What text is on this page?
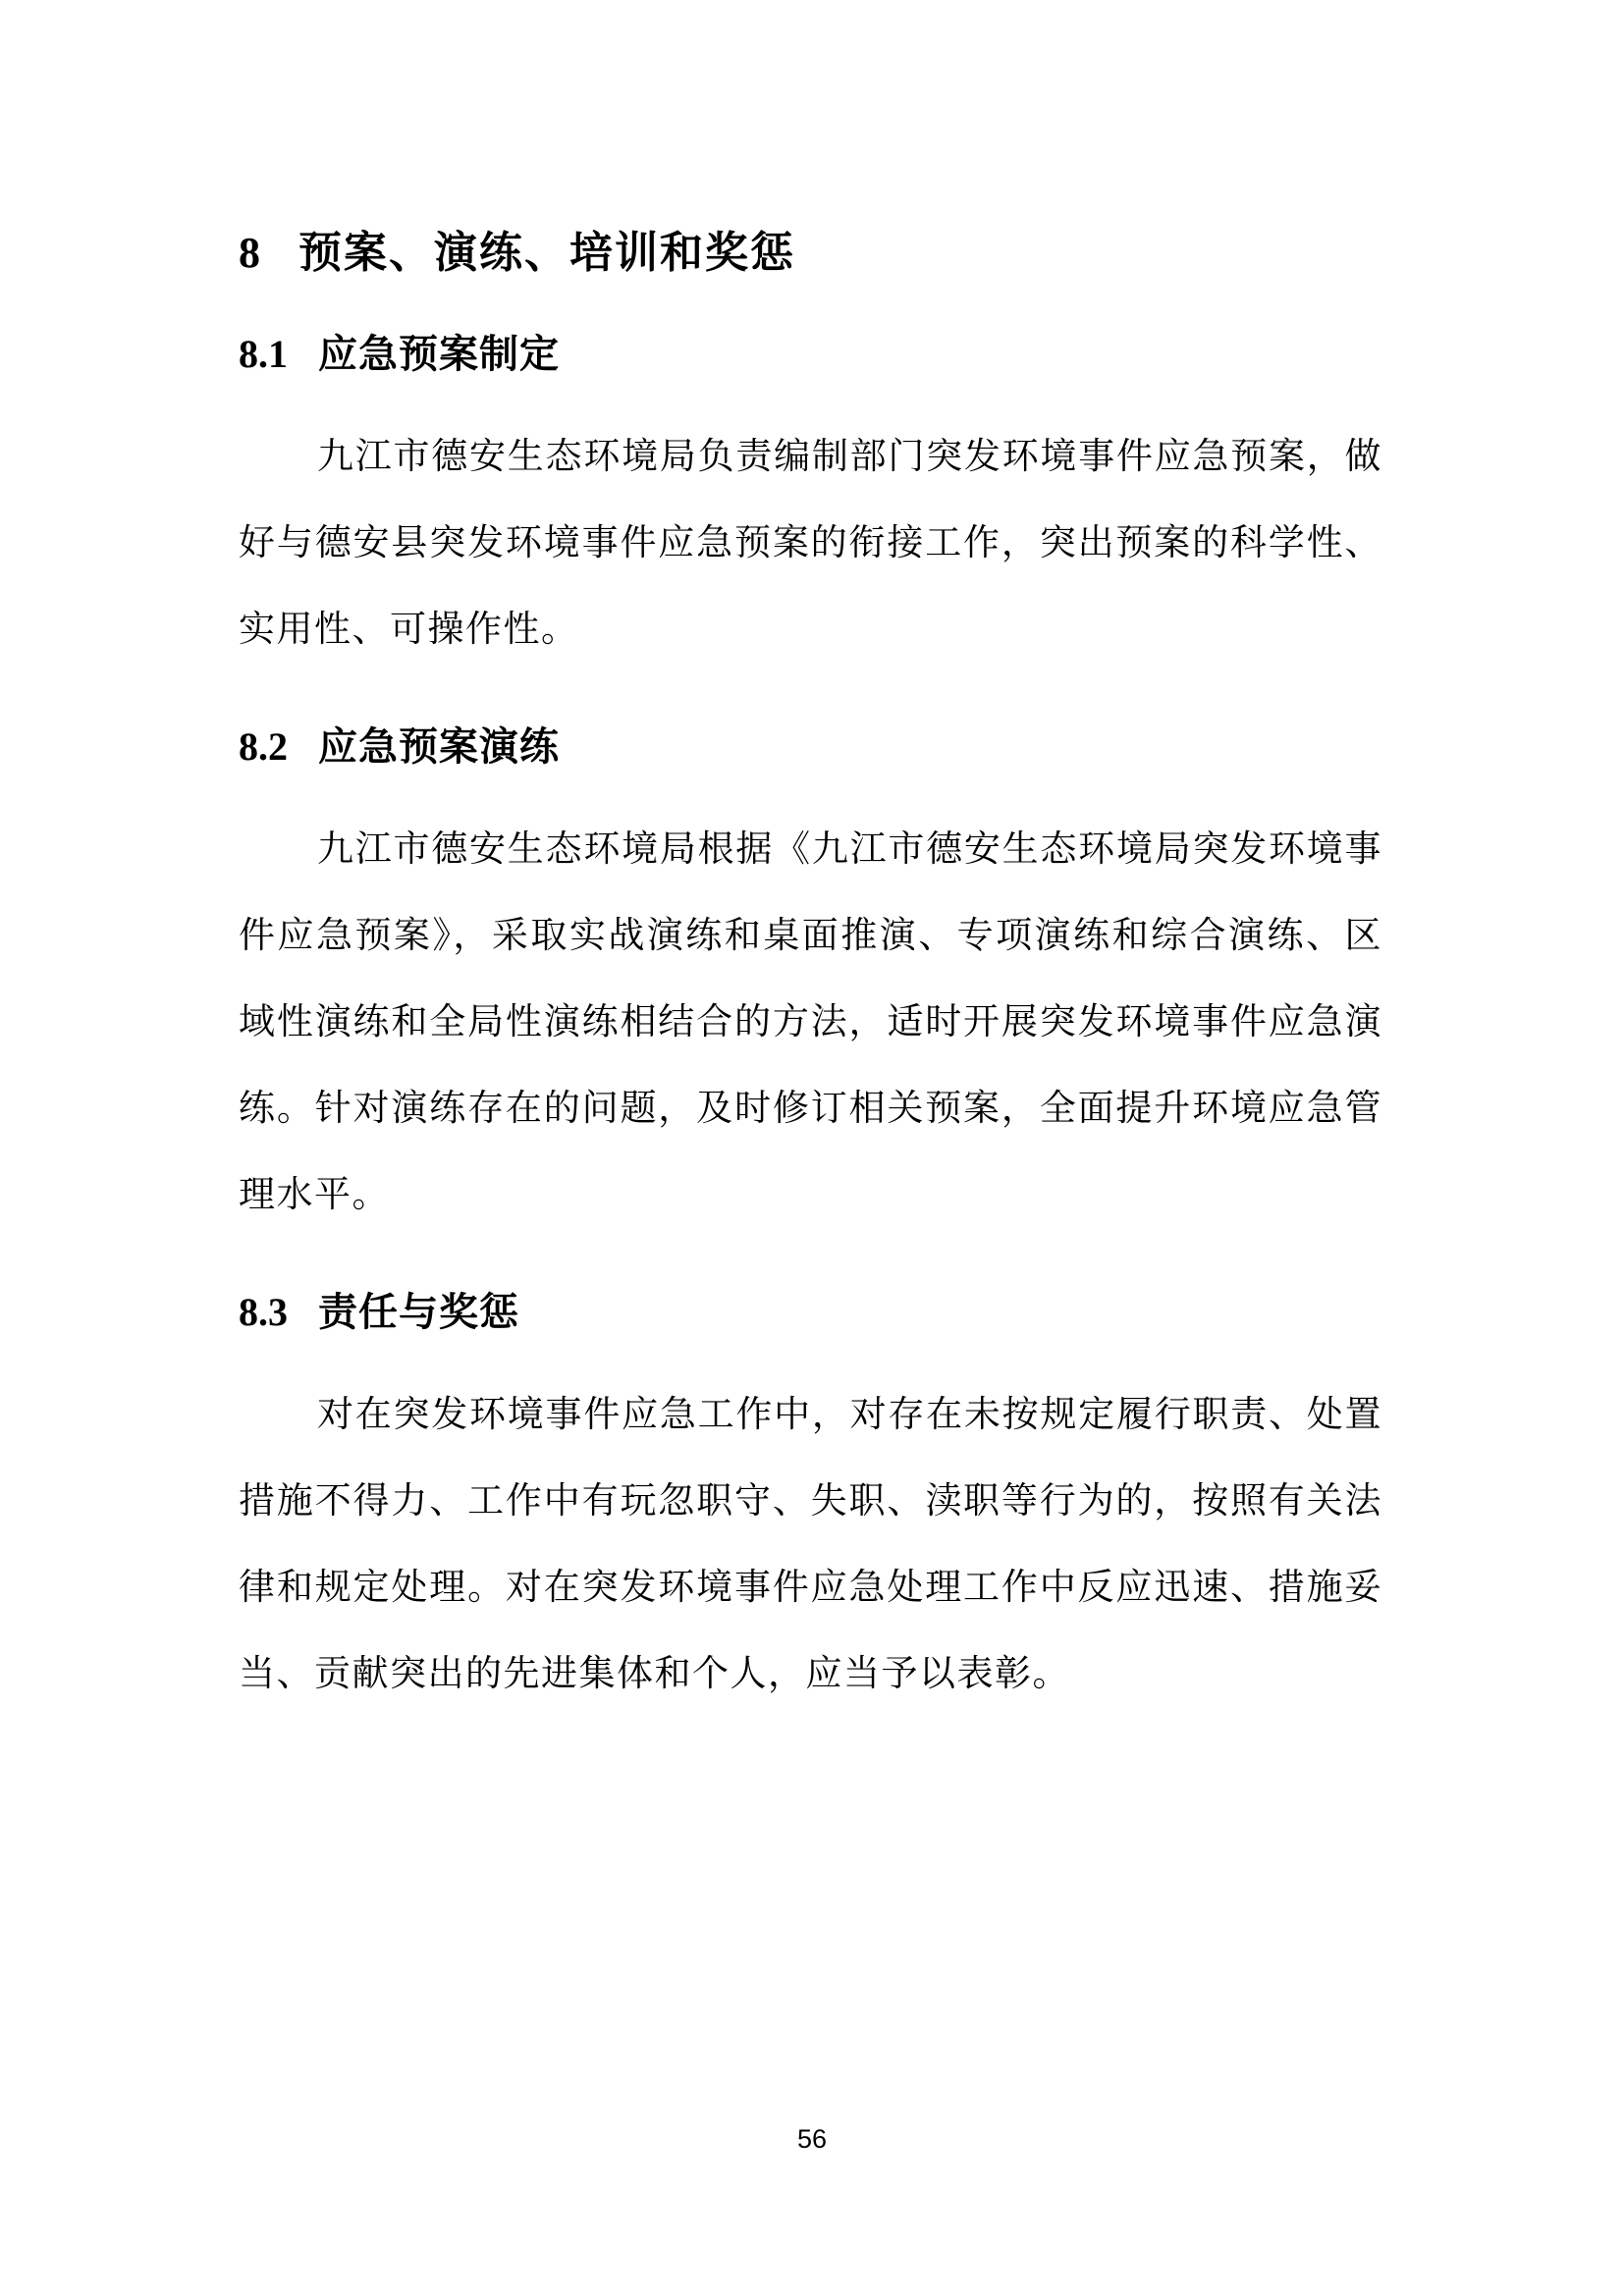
8 预案、演练、培训和奖惩
8.1 应急预案制定

九江市德安生态环境局负责编制部门突发环境事件应急预案，做好与德安县突发环境事件应急预案的衔接工作，突出预案的科学性、实用性、可操作性。

8.2 应急预案演练

九江市德安生态环境局根据《九江市德安生态环境局突发环境事件应急预案》，采取实战演练和桌面推演、专项演练和综合演练、区域性演练和全局性演练相结合的方法，适时开展突发环境事件应急演练。针对演练存在的问题，及时修订相关预案，全面提升环境应急管理水平。

8.3 责任与奖惩

对在突发环境事件应急工作中，对存在未按规定履行职责、处置措施不得力、工作中有玩忽职守、失职、渎职等行为的，按照有关法律和规定处理。对在突发环境事件应急处理工作中反应迅速、措施妥当、贡献突出的先进集体和个人，应当予以表彰。

56
